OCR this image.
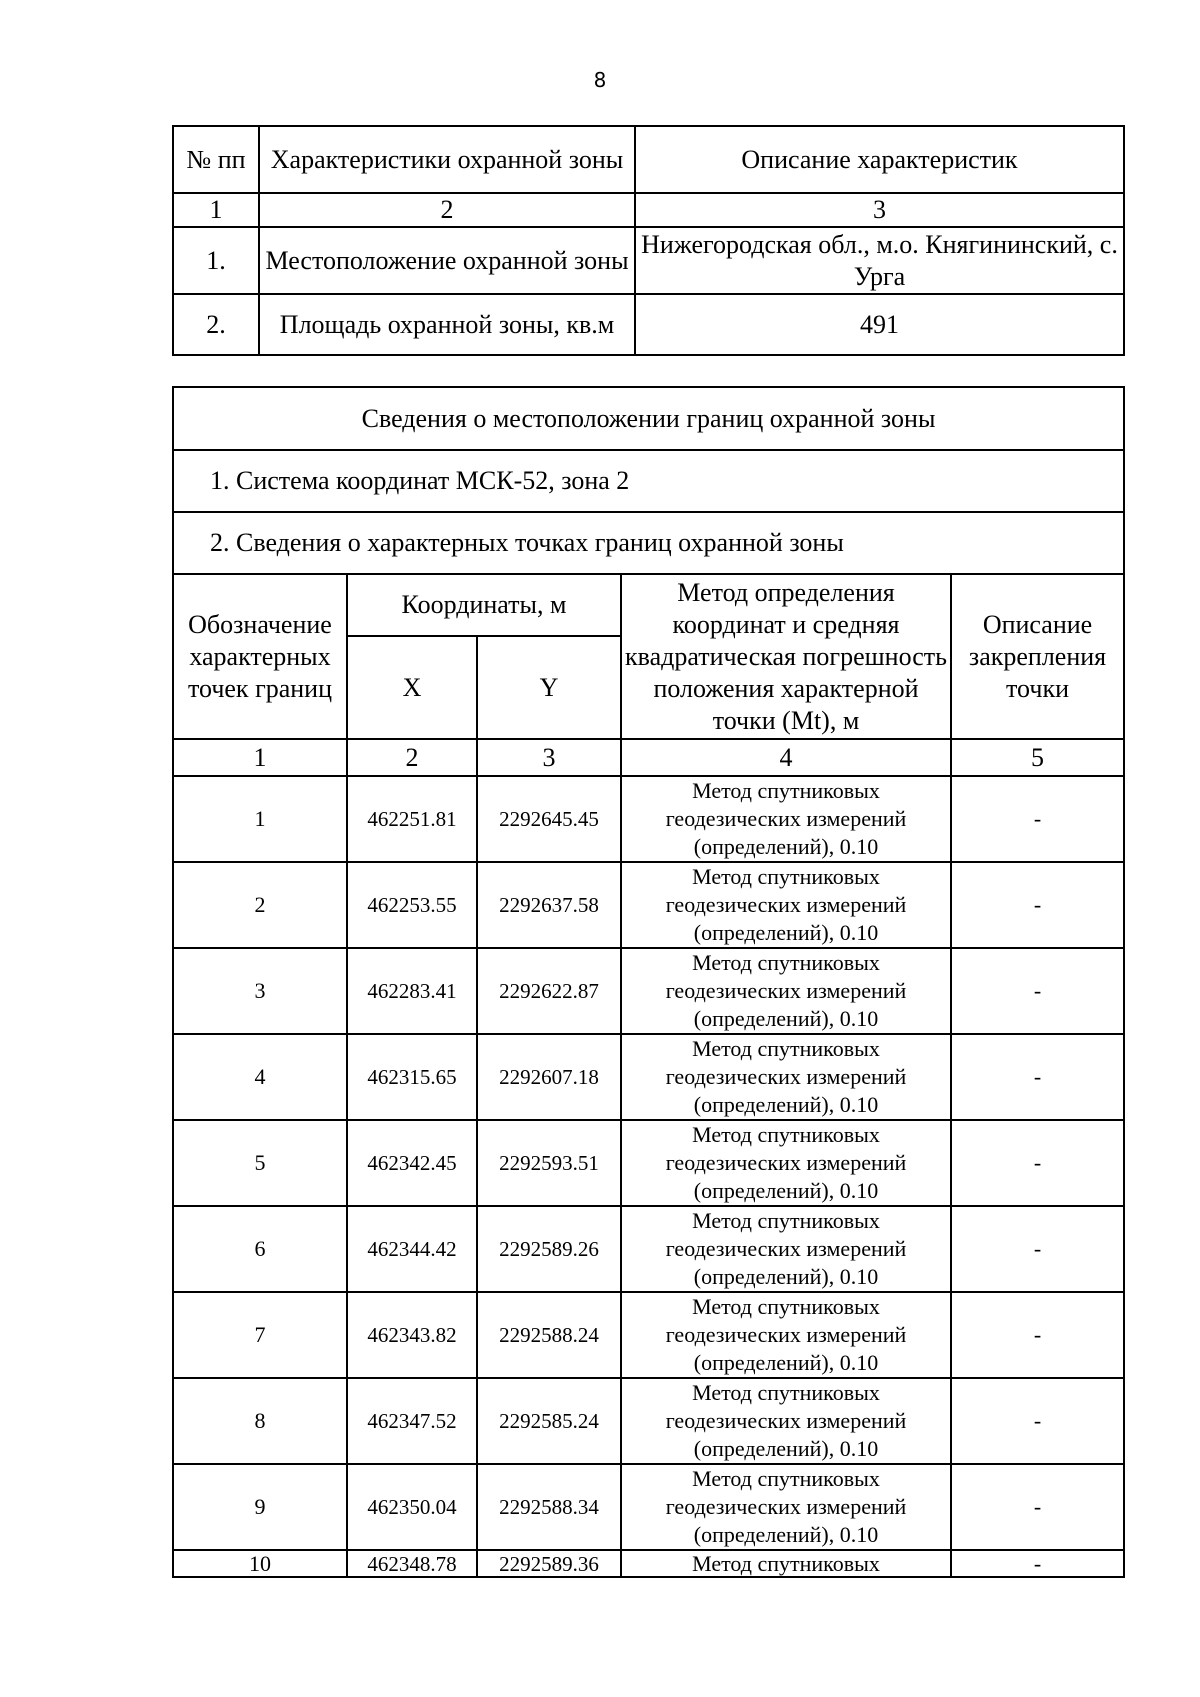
8
№ пп	Характеристики охранной зоны	Описание характеристик
1	2	3
1.	Местоположение охранной зоны	Нижегородская обл., м.о. Княгининский, с. Урга
2.	Площадь охранной зоны, кв.м	491
Сведения о местоположении границ охранной зоны				
1. Система координат МСК-52, зона 2				
2. Сведения о характерных точках границ охранной зоны				
Обозначение характерных точек границ	Координаты, м		Метод определения координат и средняя квадратическая погрешность положения характерной точки (Mt), м	Описание закрепления точки
	X	Y		
1	2	3	4	5
1	462251.81	2292645.45	Метод спутниковых геодезических измерений (определений), 0.10	-
2	462253.55	2292637.58	Метод спутниковых геодезических измерений (определений), 0.10	-
3	462283.41	2292622.87	Метод спутниковых геодезических измерений (определений), 0.10	-
4	462315.65	2292607.18	Метод спутниковых геодезических измерений (определений), 0.10	-
5	462342.45	2292593.51	Метод спутниковых геодезических измерений (определений), 0.10	-
6	462344.42	2292589.26	Метод спутниковых геодезических измерений (определений), 0.10	-
7	462343.82	2292588.24	Метод спутниковых геодезических измерений (определений), 0.10	-
8	462347.52	2292585.24	Метод спутниковых геодезических измерений (определений), 0.10	-
9	462350.04	2292588.34	Метод спутниковых геодезических измерений (определений), 0.10	-
10	462348.78	2292589.36	Метод спутниковых	-
